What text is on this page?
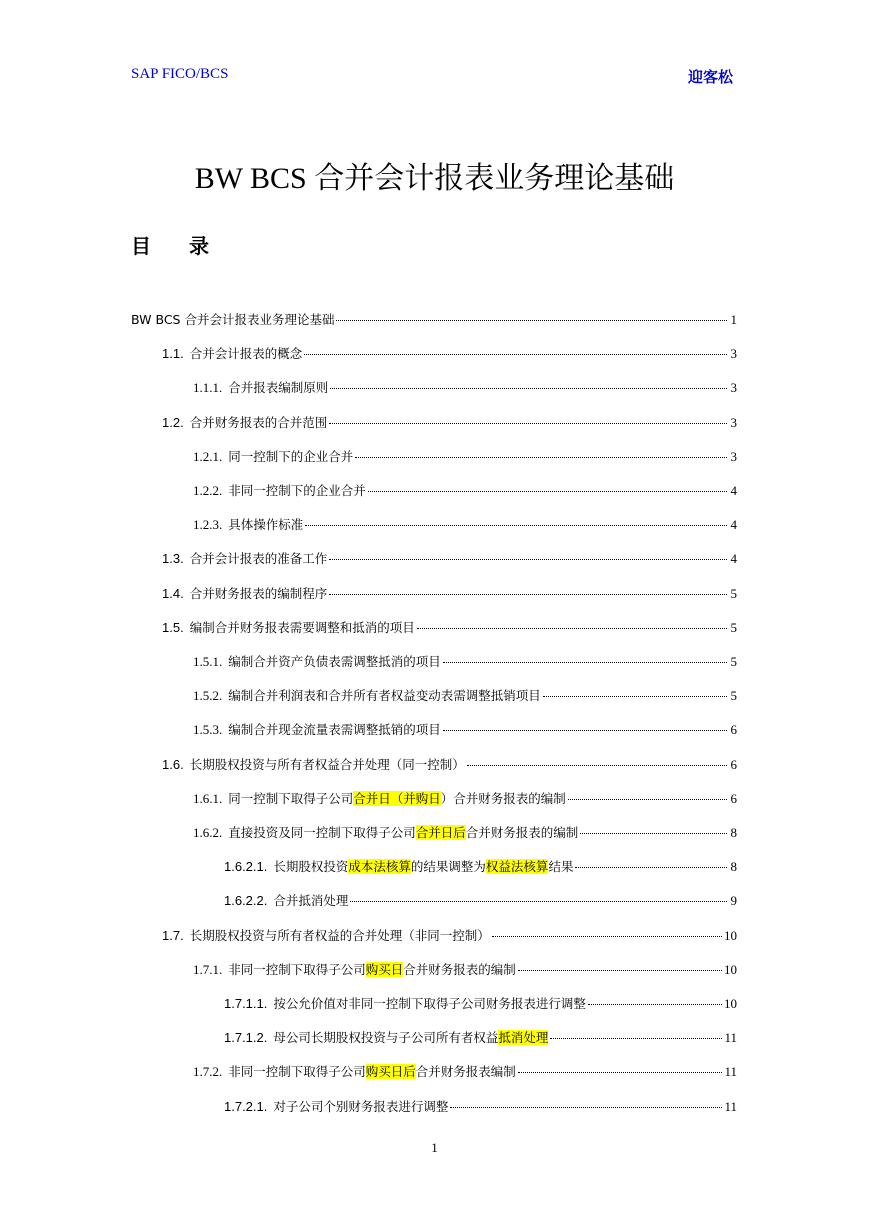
SAP FICO/BCS	迎客松
BW BCS 合并会计报表业务理论基础
目录
BW BCS 合并会计报表业务理论基础	1
1.1. 合并会计报表的概念	3
1.1.1. 合并报表编制原则	3
1.2. 合并财务报表的合并范围	3
1.2.1. 同一控制下的企业合并	3
1.2.2. 非同一控制下的企业合并	4
1.2.3. 具体操作标准	4
1.3. 合并会计报表的准备工作	4
1.4. 合并财务报表的编制程序	5
1.5. 编制合并财务报表需要调整和抵消的项目	5
1.5.1. 编制合并资产负债表需调整抵消的项目	5
1.5.2. 编制合并利润表和合并所有者权益变动表需调整抵销项目	5
1.5.3. 编制合并现金流量表需调整抵销的项目	6
1.6. 长期股权投资与所有者权益合并处理（同一控制）	6
1.6.1. 同一控制下取得子公司合并日（并购日）合并财务报表的编制	6
1.6.2. 直接投资及同一控制下取得子公司合并日后合并财务报表的编制	8
1.6.2.1. 长期股权投资成本法核算的结果调整为权益法核算结果	8
1.6.2.2. 合并抵消处理	9
1.7. 长期股权投资与所有者权益的合并处理（非同一控制）	10
1.7.1. 非同一控制下取得子公司购买日合并财务报表的编制	10
1.7.1.1. 按公允价值对非同一控制下取得子公司财务报表进行调整	10
1.7.1.2. 母公司长期股权投资与子公司所有者权益抵消处理	11
1.7.2. 非同一控制下取得子公司购买日后合并财务报表编制	11
1.7.2.1. 对子公司个别财务报表进行调整	11
1
